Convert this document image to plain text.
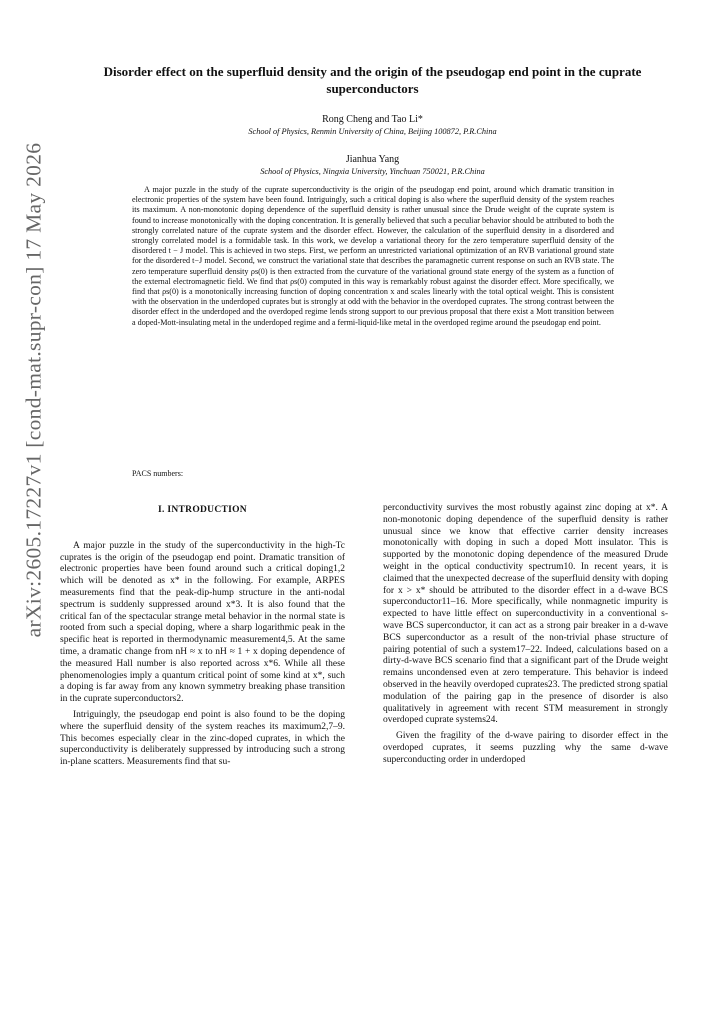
arXiv:2605.17227v1 [cond-mat.supr-con] 17 May 2026
Disorder effect on the superfluid density and the origin of the pseudogap end point in the cuprate superconductors
Rong Cheng and Tao Li*
School of Physics, Renmin University of China, Beijing 100872, P.R.China
Jianhua Yang
School of Physics, Ningxia University, Yinchuan 750021, P.R.China
A major puzzle in the study of the cuprate superconductivity is the origin of the pseudogap end point, around which dramatic transition in electronic properties of the system have been found. Intriguingly, such a critical doping is also where the superfluid density of the system reaches its maximum. A non-monotonic doping dependence of the superfluid density is rather unusual since the Drude weight of the cuprate system is found to increase monotonically with the doping concentration. It is generally believed that such a peculiar behavior should be attributed to both the strongly correlated nature of the cuprate system and the disorder effect. However, the calculation of the superfluid density in a disordered and strongly correlated model is a formidable task. In this work, we develop a variational theory for the zero temperature superfluid density of the disordered t − J model. This is achieved in two steps. First, we perform an unrestricted variational optimization of an RVB variational ground state for the disordered t−J model. Second, we construct the variational state that describes the paramagnetic current response on such an RVB state. The zero temperature superfluid density ρs(0) is then extracted from the curvature of the variational ground state energy of the system as a function of the external electromagnetic field. We find that ρs(0) computed in this way is remarkably robust against the disorder effect. More specifically, we find that ρs(0) is a monotonically increasing function of doping concentration x and scales linearly with the total optical weight. This is consistent with the observation in the underdoped cuprates but is strongly at odd with the behavior in the overdoped cuprates. The strong contrast between the disorder effect in the underdoped and the overdoped regime lends strong support to our previous proposal that there exist a Mott transition between a doped-Mott-insulating metal in the underdoped regime and a fermi-liquid-like metal in the overdoped regime around the pseudogap end point.
PACS numbers:
I. INTRODUCTION

A major puzzle in the study of the superconductivity in the high-Tc cuprates is the origin of the pseudogap end point. Dramatic transition of electronic properties have been found around such a critical doping1,2 which will be denoted as x* in the following. For example, ARPES measurements find that the peak-dip-hump structure in the anti-nodal spectrum is suddenly suppressed around x*3. It is also found that the critical fan of the spectacular strange metal behavior in the normal state is rooted from such a special doping, where a sharp logarithmic peak in the specific heat is reported in thermodynamic measurement4,5. At the same time, a dramatic change from nH ≈ x to nH ≈ 1 + x doping dependence of the measured Hall number is also reported across x*6. While all these phenomenologies imply a quantum critical point of some kind at x*, such a doping is far away from any known symmetry breaking phase transition in the cuprate superconductors2.

Intriguingly, the pseudogap end point is also found to be the doping where the superfluid density of the system reaches its maximum2,7–9. This becomes especially clear in the zinc-doped cuprates, in which the superconductivity is deliberately suppressed by introducing such a strong in-plane scatters. Measurements find that su-

perconductivity survives the most robustly against zinc doping at x*. A non-monotonic doping dependence of the superfluid density is rather unusual since we know that effective carrier density increases monotonically with doping in such a doped Mott insulator. This is supported by the monotonic doping dependence of the measured Drude weight in the optical conductivity spectrum10. In recent years, it is claimed that the unexpected decrease of the superfluid density with doping for x > x* should be attributed to the disorder effect in a d-wave BCS superconductor11–16. More specifically, while nonmagnetic impurity is expected to have little effect on superconductivity in a conventional s-wave BCS superconductor, it can act as a strong pair breaker in a d-wave BCS superconductor as a result of the non-trivial phase structure of pairing potential of such a system17–22. Indeed, calculations based on a dirty-d-wave BCS scenario find that a significant part of the Drude weight remains uncondensed even at zero temperature. This behavior is indeed observed in the heavily overdoped cuprates23. The predicted strong spatial modulation of the pairing gap in the presence of disorder is also qualitatively in agreement with recent STM measurement in strongly overdoped cuprate systems24.

Given the fragility of the d-wave pairing to disorder effect in the overdoped cuprates, it seems puzzling why the same d-wave superconducting order in underdoped
